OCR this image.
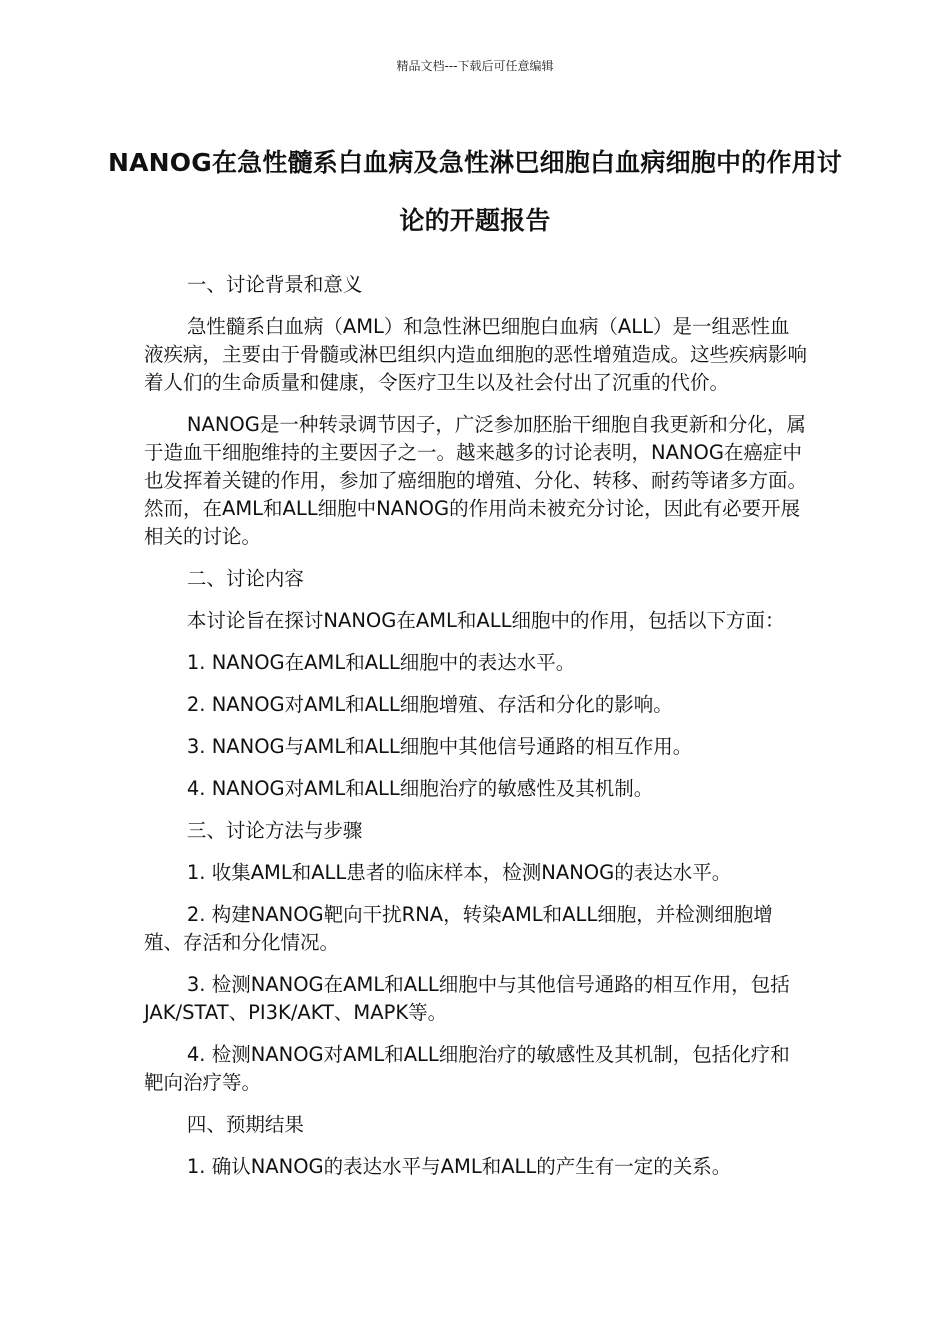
精品文档---下载后可任意编辑
NANOG在急性髓系白血病及急性淋巴细胞白血病细胞中的作用讨论的开题报告

一、讨论背景和意义

急性髓系白血病（AML）和急性淋巴细胞白血病（ALL）是一组恶性血液疾病，主要由于骨髓或淋巴组织内造血细胞的恶性增殖造成。这些疾病影响着人们的生命质量和健康，令医疗卫生以及社会付出了沉重的代价。

NANOG是一种转录调节因子，广泛参加胚胎干细胞自我更新和分化，属于造血干细胞维持的主要因子之一。越来越多的讨论表明，NANOG在癌症中也发挥着关键的作用，参加了癌细胞的增殖、分化、转移、耐药等诸多方面。然而，在AML和ALL细胞中NANOG的作用尚未被充分讨论，因此有必要开展相关的讨论。

二、讨论内容

本讨论旨在探讨NANOG在AML和ALL细胞中的作用，包括以下方面：

1. NANOG在AML和ALL细胞中的表达水平。

2. NANOG对AML和ALL细胞增殖、存活和分化的影响。

3. NANOG与AML和ALL细胞中其他信号通路的相互作用。

4. NANOG对AML和ALL细胞治疗的敏感性及其机制。

三、讨论方法与步骤

1. 收集AML和ALL患者的临床样本，检测NANOG的表达水平。

2. 构建NANOG靶向干扰RNA，转染AML和ALL细胞，并检测细胞增殖、存活和分化情况。

3. 检测NANOG在AML和ALL细胞中与其他信号通路的相互作用，包括JAK/STAT、PI3K/AKT、MAPK等。

4. 检测NANOG对AML和ALL细胞治疗的敏感性及其机制，包括化疗和靶向治疗等。

四、预期结果

1. 确认NANOG的表达水平与AML和ALL的产生有一定的关系。
